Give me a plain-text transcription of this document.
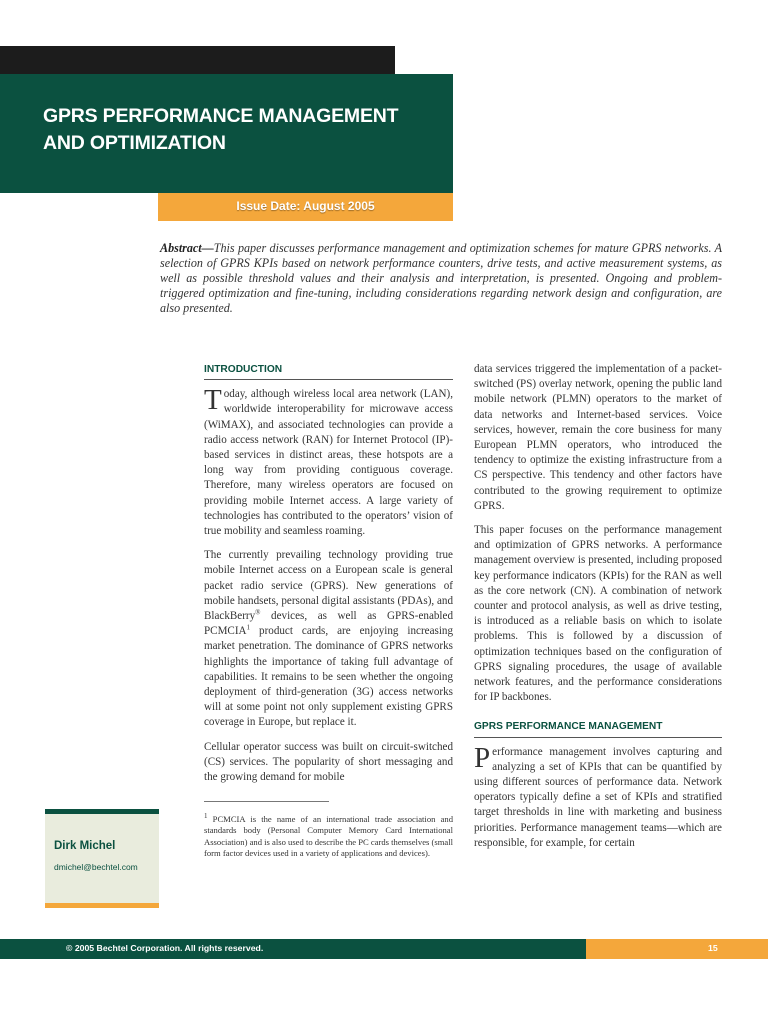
GPRS PERFORMANCE MANAGEMENT AND OPTIMIZATION
Issue Date: August 2005
Abstract—This paper discusses performance management and optimization schemes for mature GPRS networks. A selection of GPRS KPIs based on network performance counters, drive tests, and active measurement systems, as well as possible threshold values and their analysis and interpretation, is presented. Ongoing and problem-triggered optimization and fine-tuning, including considerations regarding network design and configuration, are also presented.
INTRODUCTION

Today, although wireless local area network (LAN), worldwide interoperability for microwave access (WiMAX), and associated technologies can provide a radio access network (RAN) for Internet Protocol (IP)-based services in distinct areas, these hotspots are a long way from providing contiguous coverage. Therefore, many wireless operators are focused on providing mobile Internet access. A large variety of technologies has contributed to the operators’ vision of true mobility and seamless roaming.

The currently prevailing technology providing true mobile Internet access on a European scale is general packet radio service (GPRS). New generations of mobile handsets, personal digital assistants (PDAs), and BlackBerry® devices, as well as GPRS-enabled PCMCIA$^1$ product cards, are enjoying increasing market penetration. The dominance of GPRS networks highlights the importance of taking full advantage of capabilities. It remains to be seen whether the ongoing deployment of third-generation (3G) access networks will at some point not only supplement existing GPRS coverage in Europe, but replace it.

Cellular operator success was built on circuit-switched (CS) services. The popularity of short messaging and the growing demand for mobile

$^1$ PCMCIA is the name of an international trade association and standards body (Personal Computer Memory Card International Association) and is also used to describe the PC cards themselves (small form factor devices used in a variety of applications and devices).

data services triggered the implementation of a packet-switched (PS) overlay network, opening the public land mobile network (PLMN) operators to the market of data networks and Internet-based services. Voice services, however, remain the core business for many European PLMN operators, who introduced the tendency to optimize the existing infrastructure from a CS perspective. This tendency and other factors have contributed to the growing requirement to optimize GPRS.

This paper focuses on the performance management and optimization of GPRS networks. A performance management overview is presented, including proposed key performance indicators (KPIs) for the RAN as well as the core network (CN). A combination of network counter and protocol analysis, as well as drive testing, is introduced as a reliable basis on which to isolate problems. This is followed by a discussion of optimization techniques based on the configuration of GPRS signaling procedures, the usage of available network features, and the performance considerations for IP backbones.

GPRS PERFORMANCE MANAGEMENT

Performance management involves capturing and analyzing a set of KPIs that can be quantified by using different sources of performance data. Network operators typically define a set of KPIs and stratified target thresholds in line with marketing and business priorities. Performance management teams—which are responsible, for example, for certain

Dirk Michel
dmichel@bechtel.com
© 2005 Bechtel Corporation. All rights reserved.	15
